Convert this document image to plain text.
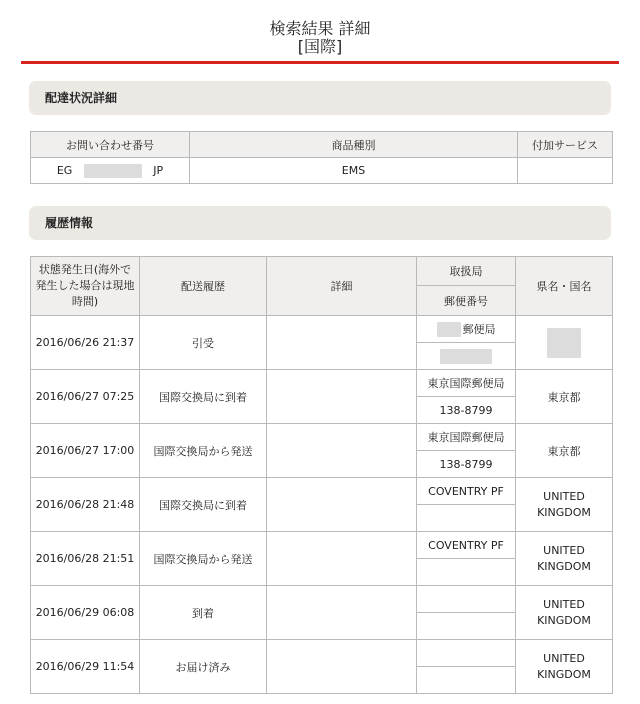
検索結果 詳細
[国際]
配達状況詳細
お問い合わせ番号	商品種別	付加サービス
EG JP	EMS	
履歴情報
状態発生日(海外で発生した場合は現地時間)	配送履歴	詳細	取扱局	県名・国名
			郵便番号	
2016/06/26 21:37	引受		郵便局	

2016/06/27 07:25	国際交換局に到着		東京国際郵便局	東京都
			138-8799	
2016/06/27 17:00	国際交換局から発送		東京国際郵便局	東京都
			138-8799	
2016/06/28 21:48	国際交換局に到着		COVENTRY PF	UNITED
KINGDOM

2016/06/28 21:51	国際交換局から発送		COVENTRY PF	UNITED
KINGDOM

2016/06/29 06:08	到着			UNITED
KINGDOM

2016/06/29 11:54	お届け済み			UNITED
KINGDOM
